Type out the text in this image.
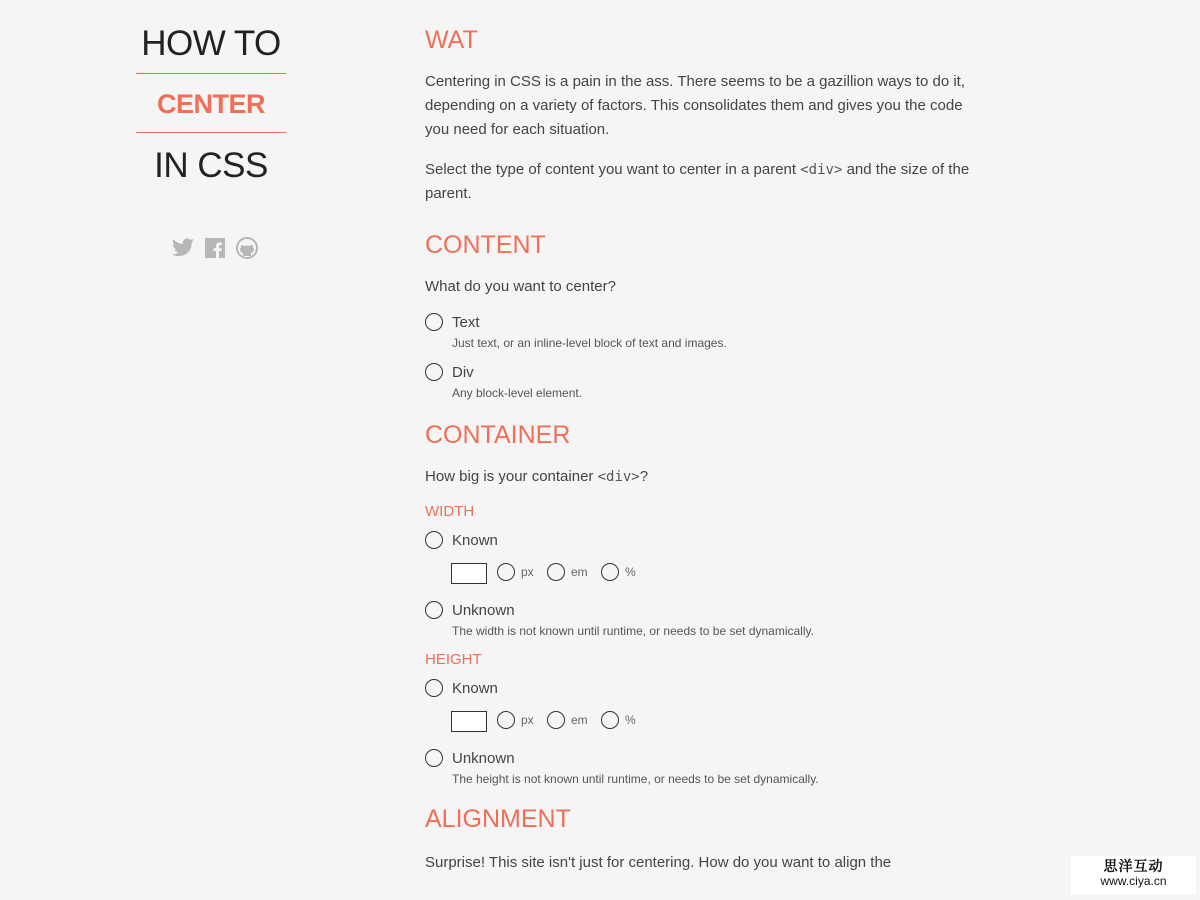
HOW TO
CENTER
IN CSS
WAT

Centering in CSS is a pain in the ass. There seems to be a gazillion ways to do it, depending on a variety of factors. This consolidates them and gives you the code you need for each situation.

Select the type of content you want to center in a parent <div> and the size of the parent.

CONTENT

What do you want to center?

Text
Just text, or an inline-level block of text and images.
Div
Any block-level element.
CONTAINER

How big is your container <div>?

WIDTH
Known
px	em	%
Unknown
The width is not known until runtime, or needs to be set dynamically.
HEIGHT
Known
px	em	%
Unknown
The height is not known until runtime, or needs to be set dynamically.
ALIGNMENT

Surprise! This site isn't just for centering. How do you want to align the	思洋互动
www.ciya.cn
